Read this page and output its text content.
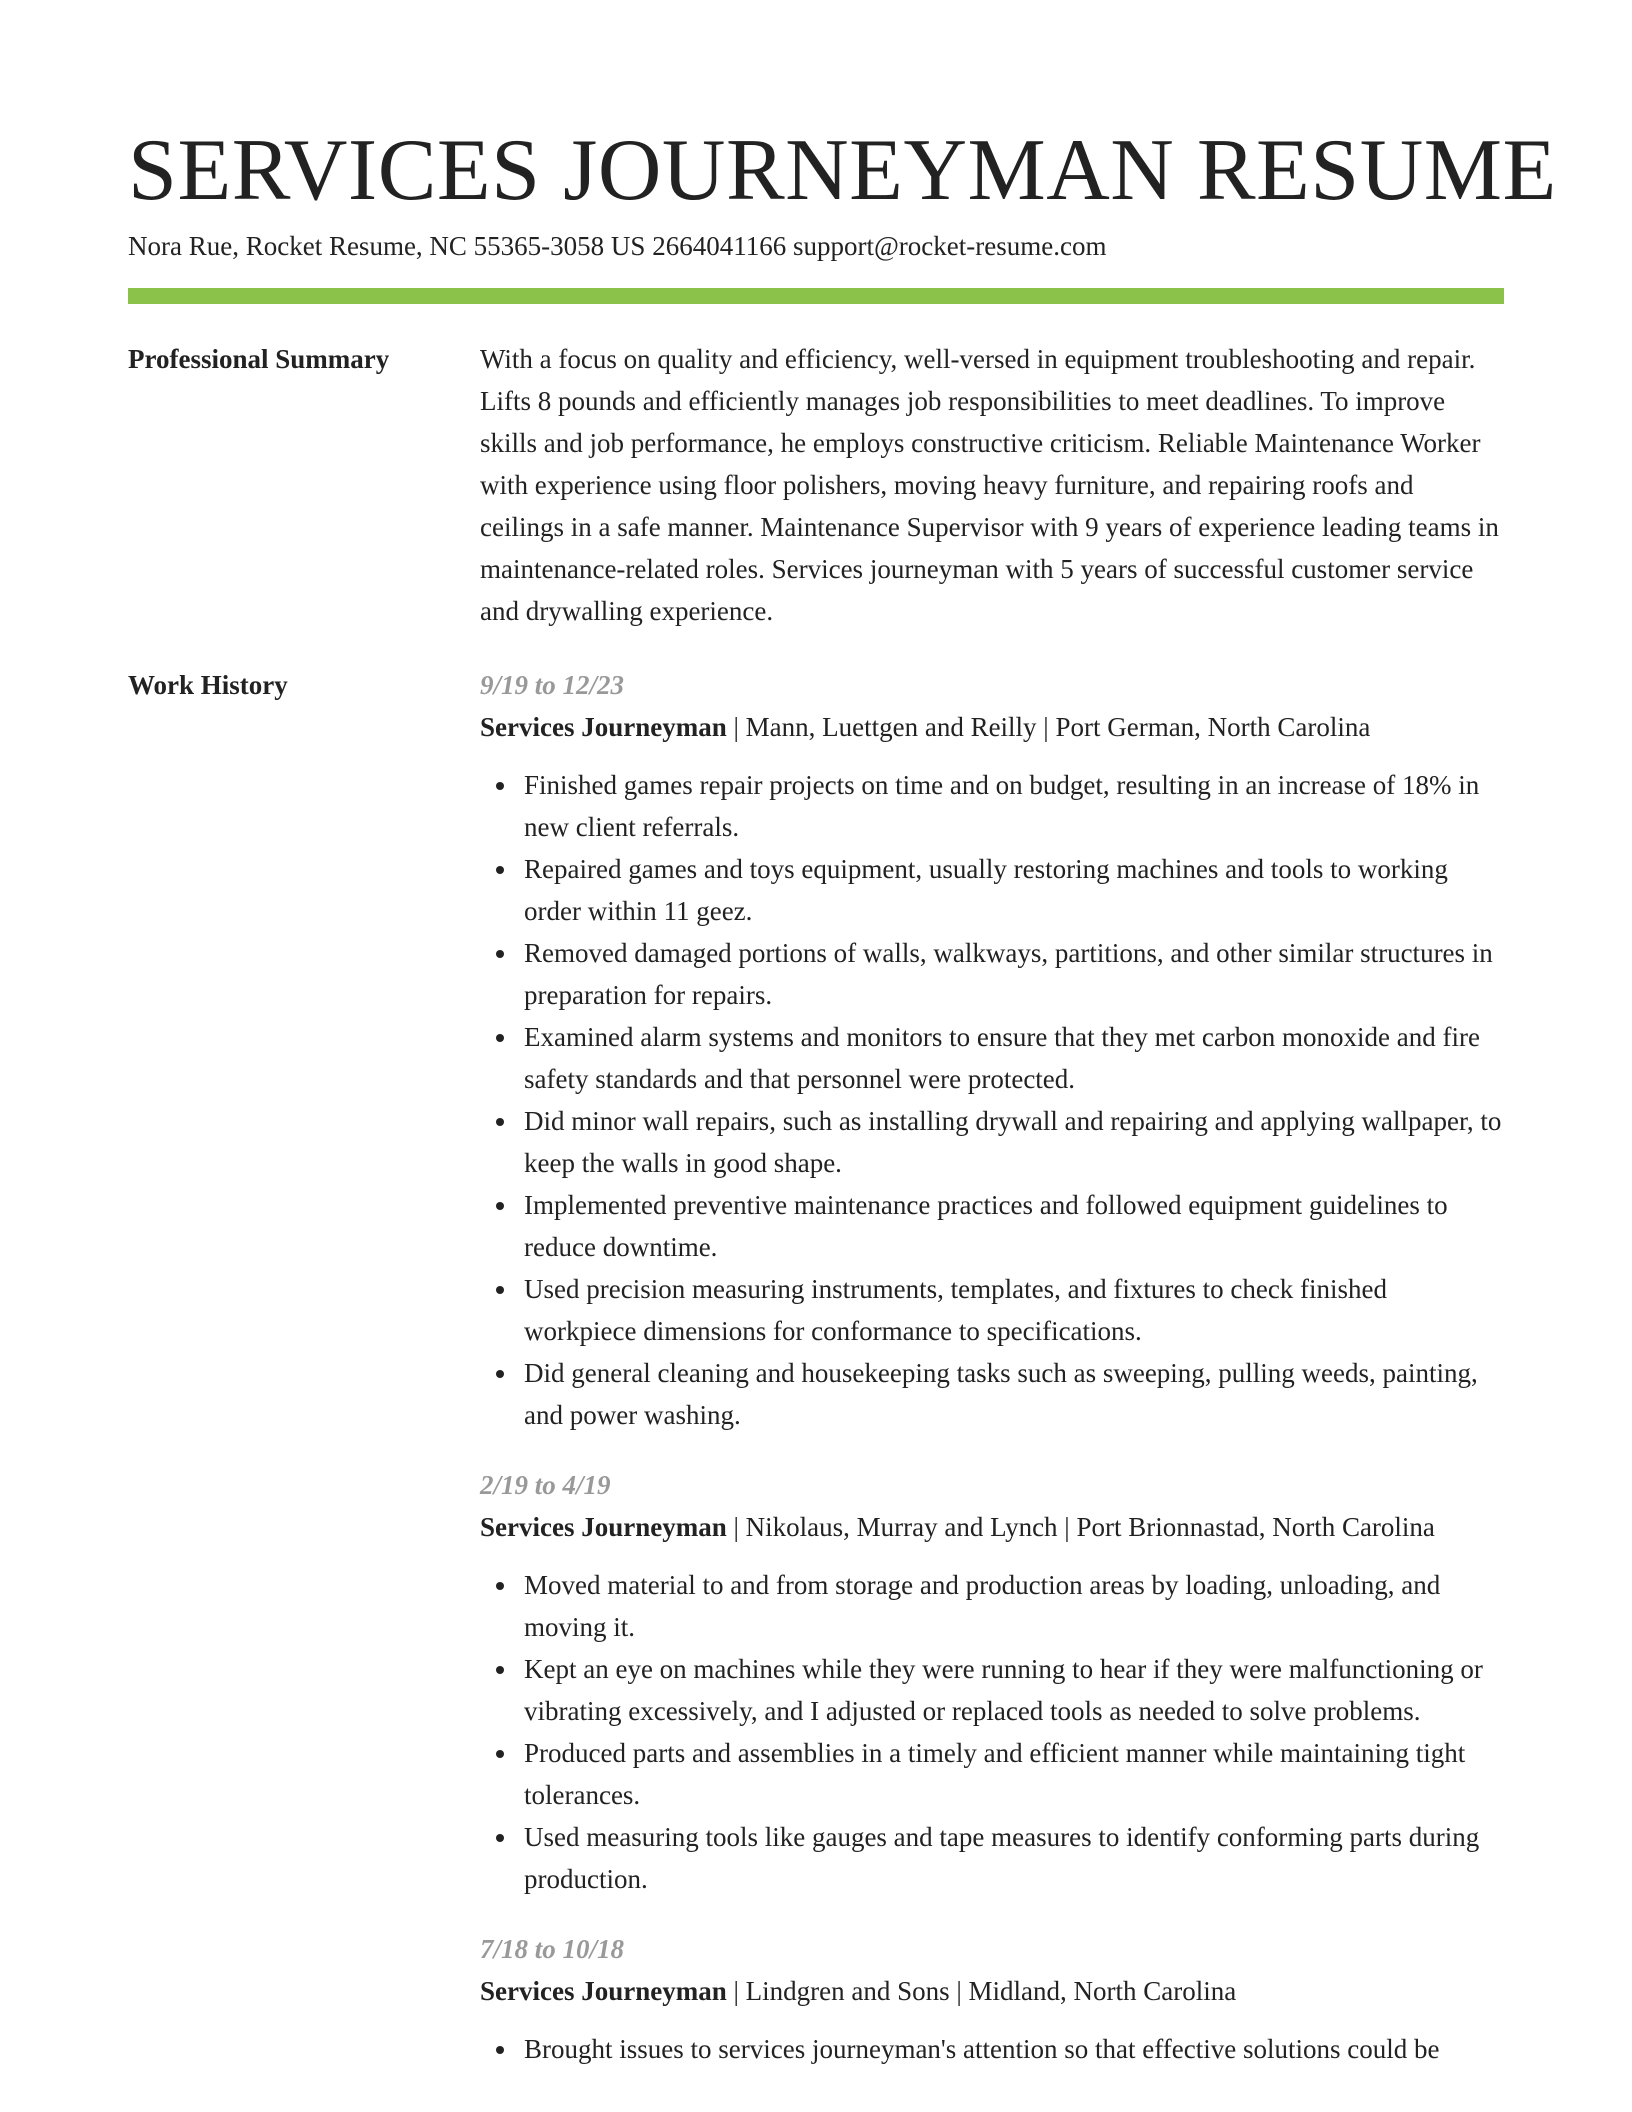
SERVICES JOURNEYMAN RESUME
Nora Rue, Rocket Resume, NC 55365-3058 US 2664041166 support@rocket-resume.com
Professional Summary	With a focus on quality and efficiency, well-versed in equipment troubleshooting and repair. Lifts 8 pounds and efficiently manages job responsibilities to meet deadlines. To improve skills and job performance, he employs constructive criticism. Reliable Maintenance Worker with experience using floor polishers, moving heavy furniture, and repairing roofs and ceilings in a safe manner. Maintenance Supervisor with 9 years of experience leading teams in maintenance-related roles. Services journeyman with 5 years of successful customer service and drywalling experience.
Work History	9/19 to 12/23
Services Journeyman | Mann, Luettgen and Reilly | Port German, North Carolina
Finished games repair projects on time and on budget, resulting in an increase of 18% in new client referrals.
Repaired games and toys equipment, usually restoring machines and tools to working order within 11 geez.
Removed damaged portions of walls, walkways, partitions, and other similar structures in preparation for repairs.
Examined alarm systems and monitors to ensure that they met carbon monoxide and fire safety standards and that personnel were protected.
Did minor wall repairs, such as installing drywall and repairing and applying wallpaper, to keep the walls in good shape.
Implemented preventive maintenance practices and followed equipment guidelines to reduce downtime.
Used precision measuring instruments, templates, and fixtures to check finished workpiece dimensions for conformance to specifications.
Did general cleaning and housekeeping tasks such as sweeping, pulling weeds, painting, and power washing.
2/19 to 4/19
Services Journeyman | Nikolaus, Murray and Lynch | Port Brionnastad, North Carolina
Moved material to and from storage and production areas by loading, unloading, and moving it.
Kept an eye on machines while they were running to hear if they were malfunctioning or vibrating excessively, and I adjusted or replaced tools as needed to solve problems.
Produced parts and assemblies in a timely and efficient manner while maintaining tight tolerances.
Used measuring tools like gauges and tape measures to identify conforming parts during production.
7/18 to 10/18
Services Journeyman | Lindgren and Sons | Midland, North Carolina
Brought issues to services journeyman's attention so that effective solutions could be
